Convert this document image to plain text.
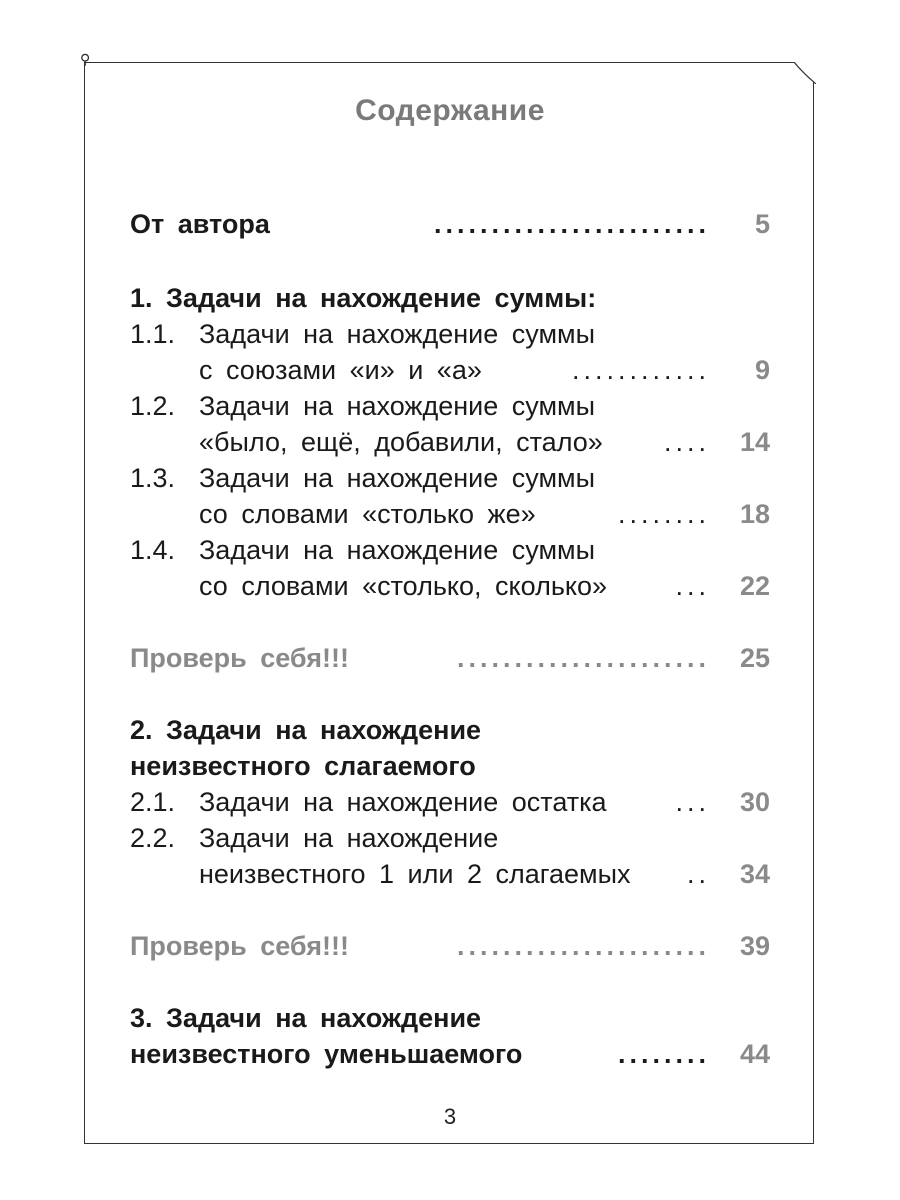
⚲
Содержание
От автора	........................ 5
1. Задачи на нахождение суммы:
1.1. Задачи на нахождение суммы
с союзами «и» и «а»	............ 9
1.2. Задачи на нахождение суммы
«было, ещё, добавили, стало» .... 14
1.3. Задачи на нахождение суммы
со словами «столько же»	........ 18
1.4. Задачи на нахождение суммы
со словами «столько, сколько»	... 22
Проверь себя!!!	...................... 25
2. Задачи на нахождение
неизвестного слагаемого
2.1. Задачи на нахождение остатка	... 30
2.2. Задачи на нахождение
неизвестного 1 или 2 слагаемых .. 34
Проверь себя!!!	...................... 39
3. Задачи на нахождение
неизвестного уменьшаемого	........ 44
3
